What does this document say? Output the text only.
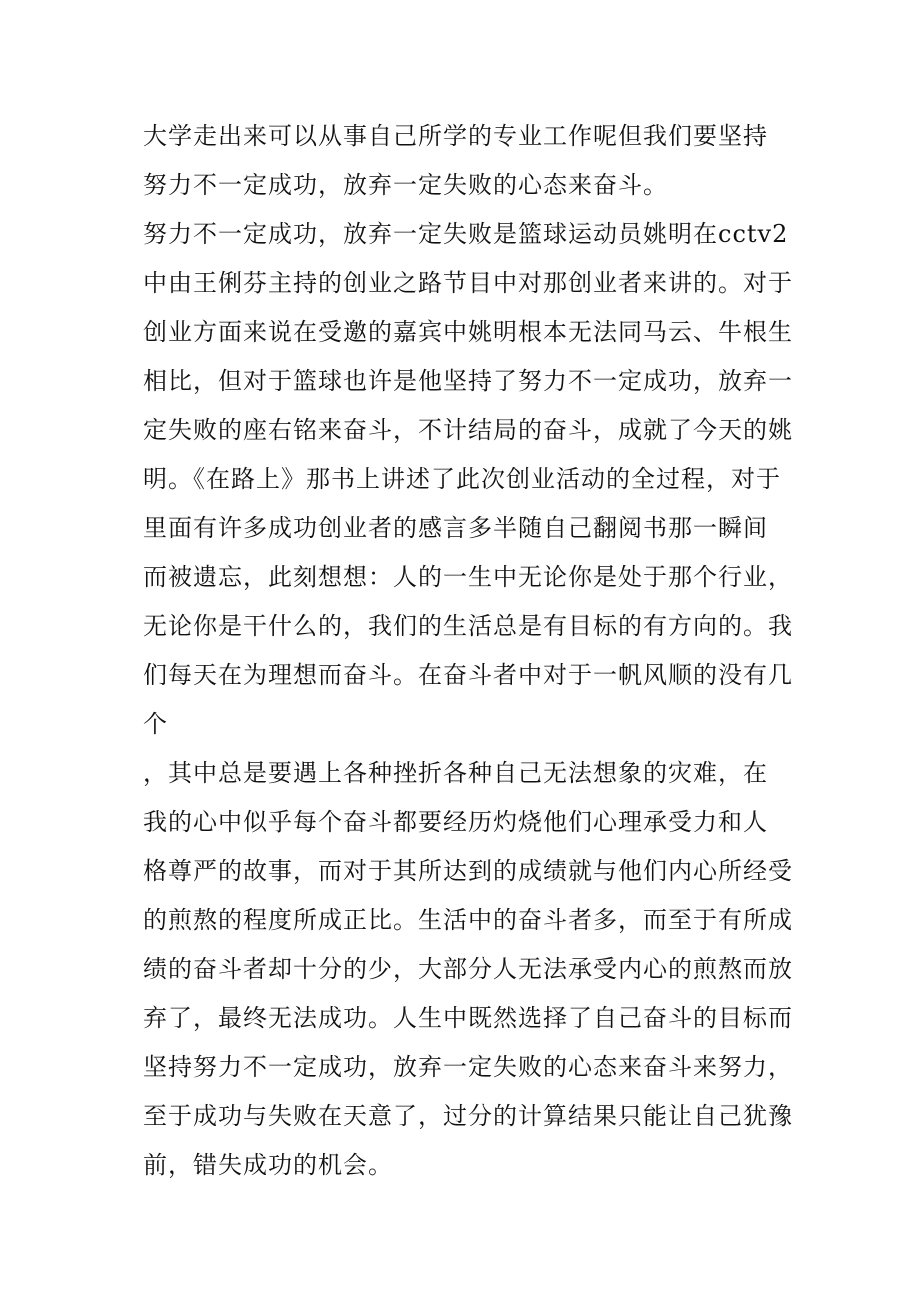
大学走出来可以从事自己所学的专业工作呢但我们要坚持
努力不一定成功，放弃一定失败的心态来奋斗。
努力不一定成功，放弃一定失败是篮球运动员姚明在cctv2
中由王俐芬主持的创业之路节目中对那创业者来讲的。对于
创业方面来说在受邀的嘉宾中姚明根本无法同马云、牛根生
相比，但对于篮球也许是他坚持了努力不一定成功，放弃一
定失败的座右铭来奋斗，不计结局的奋斗，成就了今天的姚
明。《在路上》那书上讲述了此次创业活动的全过程，对于
里面有许多成功创业者的感言多半随自己翻阅书那一瞬间
而被遗忘，此刻想想：人的一生中无论你是处于那个行业，
无论你是干什么的，我们的生活总是有目标的有方向的。我
们每天在为理想而奋斗。在奋斗者中对于一帆风顺的没有几
个
，其中总是要遇上各种挫折各种自己无法想象的灾难，在
我的心中似乎每个奋斗都要经历灼烧他们心理承受力和人
格尊严的故事，而对于其所达到的成绩就与他们内心所经受
的煎熬的程度所成正比。生活中的奋斗者多，而至于有所成
绩的奋斗者却十分的少，大部分人无法承受内心的煎熬而放
弃了，最终无法成功。人生中既然选择了自己奋斗的目标而
坚持努力不一定成功，放弃一定失败的心态来奋斗来努力，
至于成功与失败在天意了，过分的计算结果只能让自己犹豫
前，错失成功的机会。
